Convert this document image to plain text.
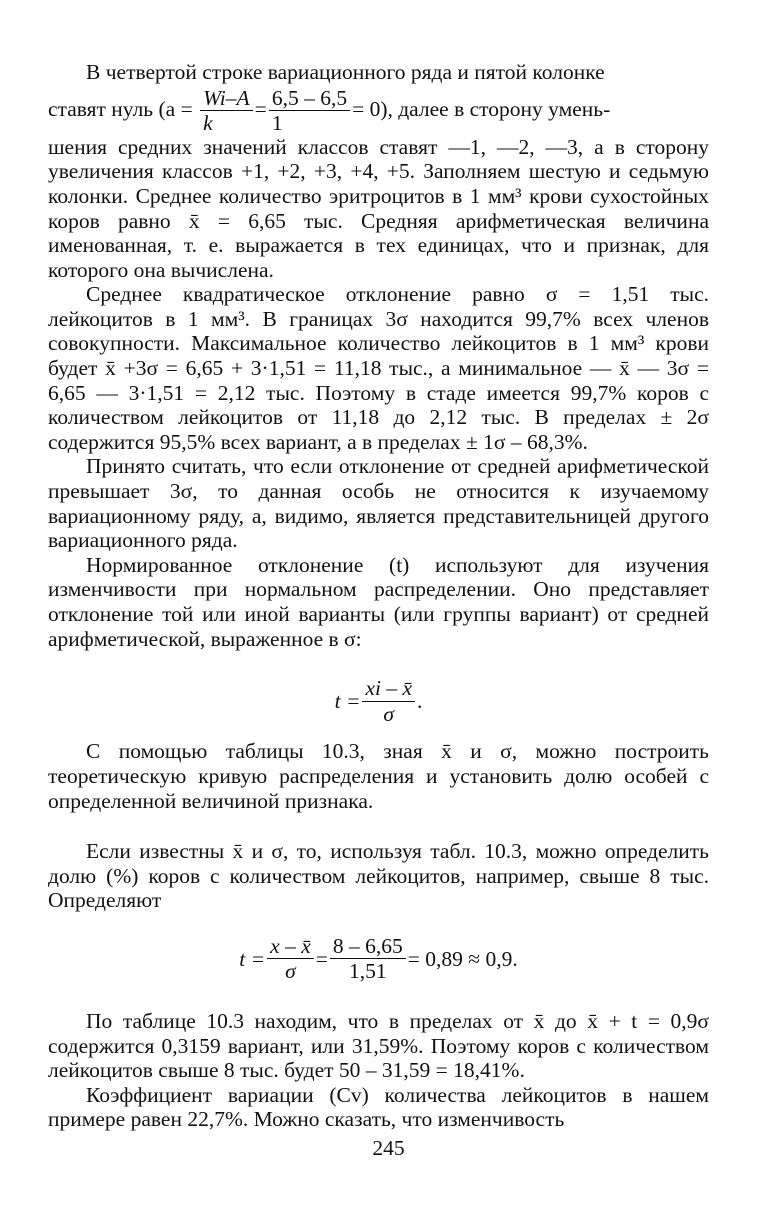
В четвертой строке вариационного ряда и пятой колонке

ставят нуль $(a = \frac{Wi-A}{k} = \frac{6,5 - 6,5}{1} = 0)$, далее в сторону умень-

шения средних значений классов ставят —1, —2, —3, а в сторону увеличения классов +1, +2, +3, +4, +5. Заполняем шестую и седьмую колонки. Среднее количество эритроцитов в 1 мм³ крови сухостойных коров равно x̄ = 6,65 тыс. Средняя арифметическая величина именованная, т. е. выражается в тех единицах, что и признак, для которого она вычислена.

Среднее квадратическое отклонение равно σ = 1,51 тыс. лейкоцитов в 1 мм³. В границах 3σ находится 99,7% всех членов совокупности. Максимальное количество лейкоцитов в 1 мм³ крови будет x̄ +3σ = 6,65 + 3·1,51 = 11,18 тыс., а минимальное — x̄ — 3σ = 6,65 — 3·1,51 = 2,12 тыс. Поэтому в стаде имеется 99,7% коров с количеством лейкоцитов от 11,18 до 2,12 тыс. В пределах ± 2σ содержится 95,5% всех вариант, а в пределах ± 1σ – 68,3%.

Принято считать, что если отклонение от средней арифметической превышает 3σ, то данная особь не относится к изучаемому вариационному ряду, а, видимо, является представительницей другого вариационного ряда.

Нормированное отклонение (t) используют для изучения изменчивости при нормальном распределении. Оно представляет отклонение той или иной варианты (или группы вариант) от средней арифметической, выраженное в σ:

$t = \frac{xi - x̄}{\sigma}$ .

С помощью таблицы 10.3, зная x̄ и σ, можно построить теоретическую кривую распределения и установить долю особей с определенной величиной признака.

Если известны x̄ и σ, то, используя табл. 10.3, можно определить долю (%) коров с количеством лейкоцитов, например, свыше 8 тыс. Определяют

$t = \frac{x - x̄}{\sigma} = \frac{8 - 6,65}{1,51} = 0,89 \approx 0,9$.

По таблице 10.3 находим, что в пределах от x̄ до x̄ + t = 0,9σ содержится 0,3159 вариант, или 31,59%. Поэтому коров с количеством лейкоцитов свыше 8 тыс. будет 50 – 31,59 = 18,41%.

Коэффициент вариации (Cv) количества лейкоцитов в нашем примере равен 22,7%. Можно сказать, что изменчивость

245
